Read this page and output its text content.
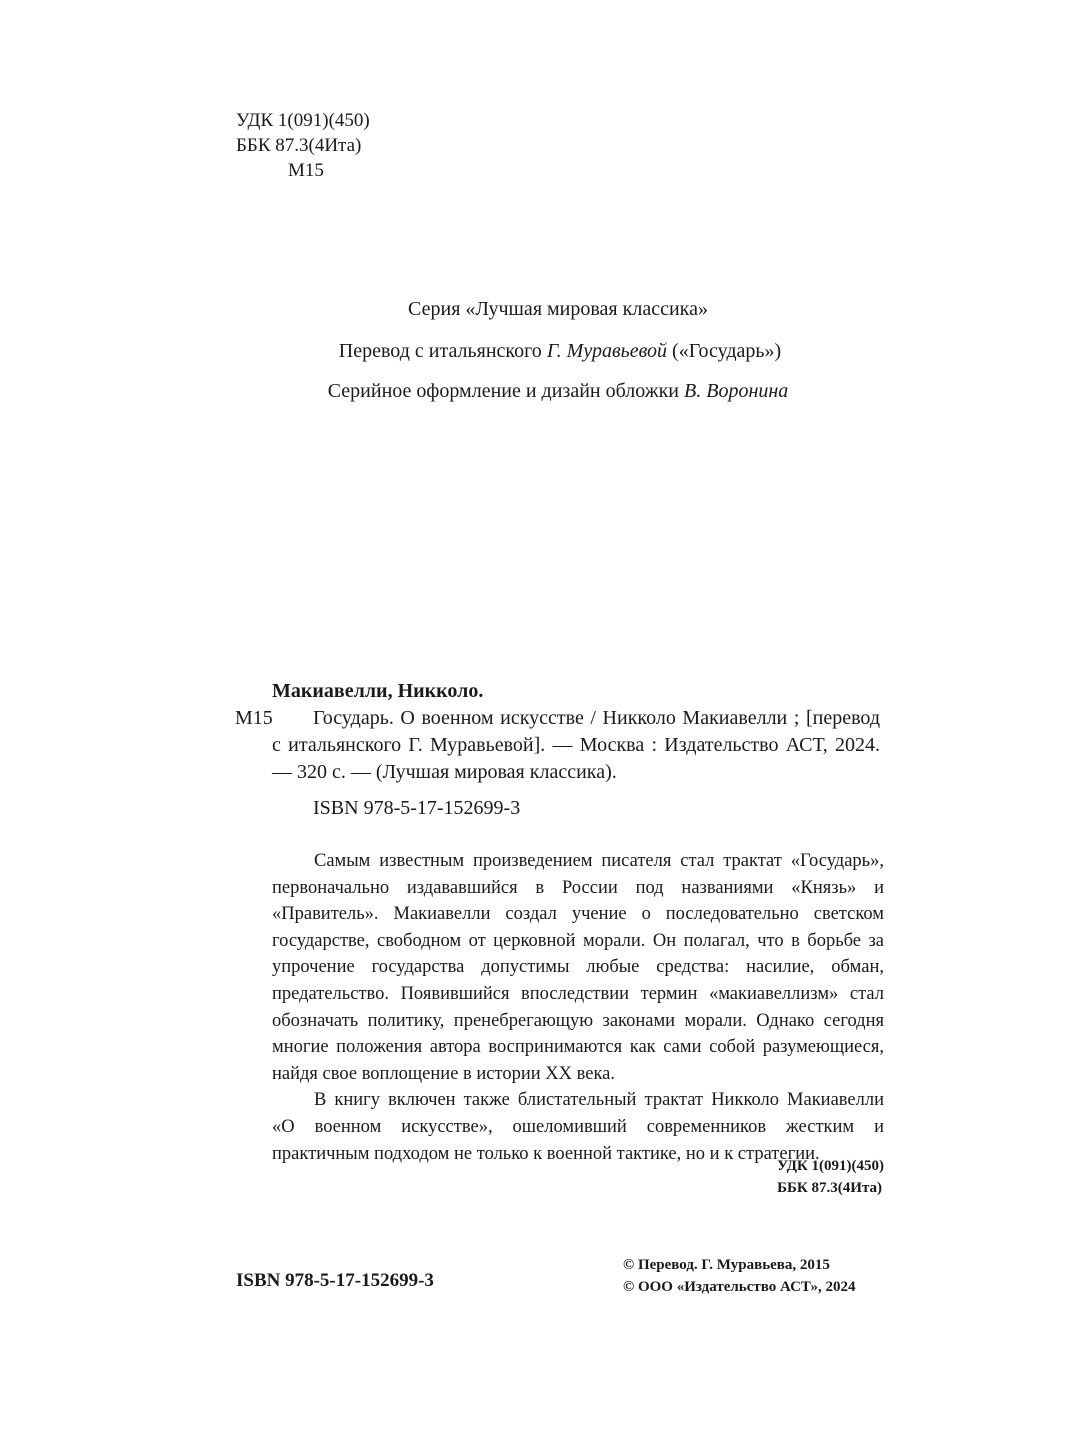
УДК 1(091)(450)
ББК 87.3(4Ита)
М15
Серия «Лучшая мировая классика»
Перевод с итальянского Г. Муравьевой («Государь»)
Серийное оформление и дизайн обложки В. Воронина
Макиавелли, Никколо.
М15	Государь. О военном искусстве / Никколо Макиавелли ; [перевод с итальянского Г. Муравьевой]. — Москва : Издательство АСТ, 2024. — 320 с. — (Лучшая мировая классика).

ISBN 978-5-17-152699-3

Самым известным произведением писателя стал трактат «Государь», первоначально издававшийся в России под названиями «Князь» и «Правитель». Макиавелли создал учение о последовательно светском государстве, свободном от церковной морали. Он полагал, что в борьбе за упрочение государства допустимы любые средства: насилие, обман, предательство. Появившийся впоследствии термин «макиавеллизм» стал обозначать политику, пренебрегающую законами морали. Однако сегодня многие положения автора воспринимаются как сами собой разумеющиеся, найдя свое воплощение в истории XX века.

В книгу включен также блистательный трактат Никколо Макиавелли «О военном искусстве», ошеломивший современников жестким и практичным подходом не только к военной тактике, но и к стратегии.

УДК 1(091)(450)
ББК 87.3(4Ита)
ISBN 978-5-17-152699-3
© Перевод. Г. Муравьева, 2015
© ООО «Издательство АСТ», 2024
